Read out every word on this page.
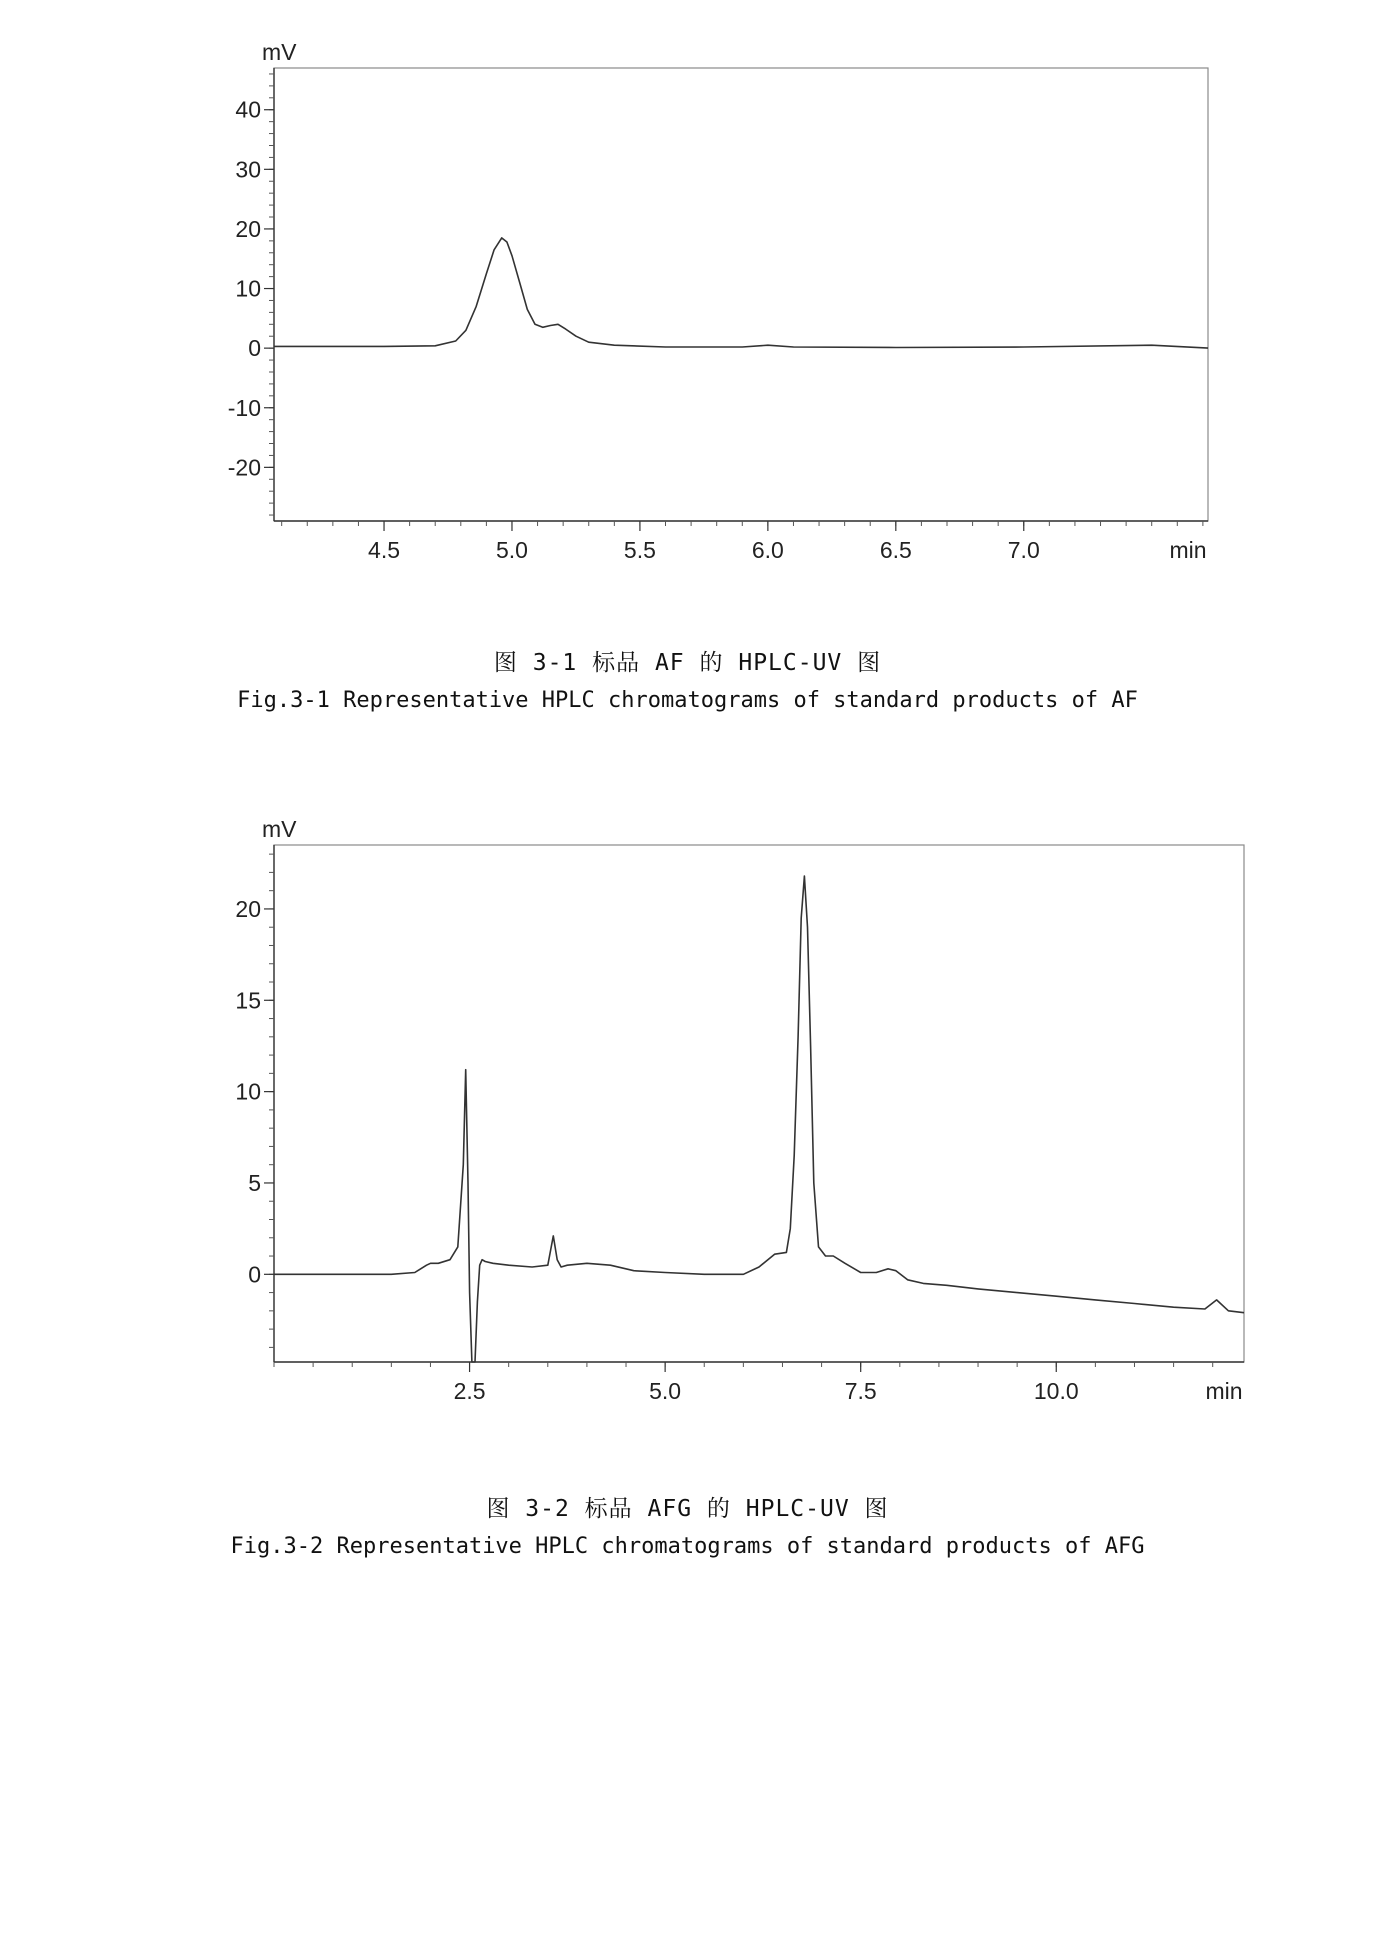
4.5	5.0	5.5	6.0	6.5	7.0
40
30
20
10
0
-10
-20
mV
min

图 3-1 标品 AF 的 HPLC-UV 图

Fig.3-1 Representative HPLC chromatograms of standard products of AF

2.5	5.0	7.5	10.0
20
15
10
5
0
mV
min

图 3-2 标品 AFG 的 HPLC-UV 图

Fig.3-2 Representative HPLC chromatograms of standard products of AFG
